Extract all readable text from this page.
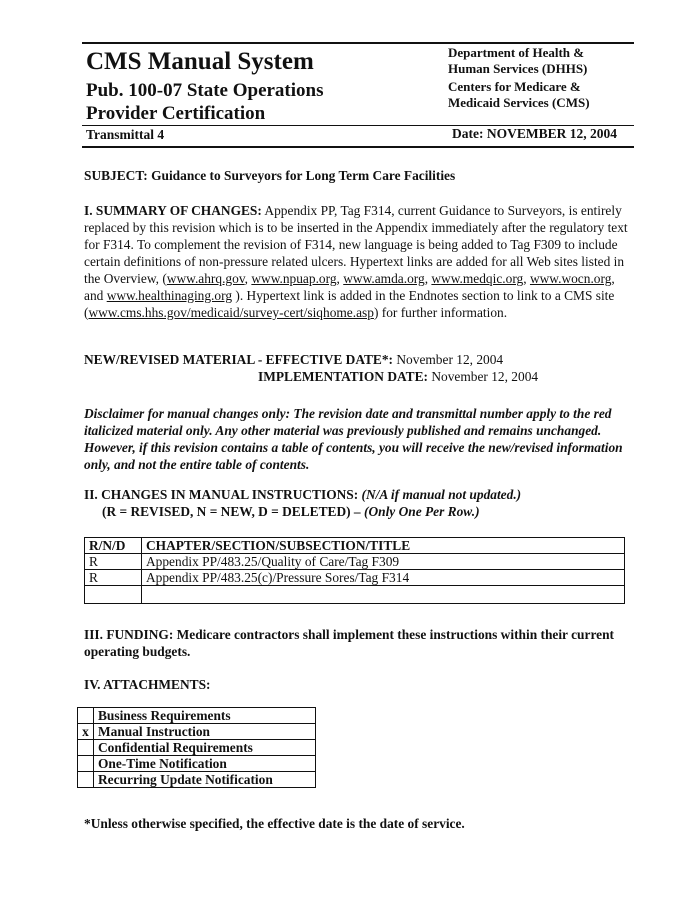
CMS Manual System
Pub. 100-07 State Operations
Provider Certification
Department of Health &
Human Services (DHHS)
Centers for Medicare &
Medicaid Services (CMS)
Transmittal 4	Date: NOVEMBER 12, 2004
SUBJECT: Guidance to Surveyors for Long Term Care Facilities
I. SUMMARY OF CHANGES: Appendix PP, Tag F314, current Guidance to Surveyors, is entirely replaced by this revision which is to be inserted in the Appendix immediately after the regulatory text for F314. To complement the revision of F314, new language is being added to Tag F309 to include certain definitions of non-pressure related ulcers. Hypertext links are added for all Web sites listed in the Overview, (www.ahrq.gov, www.npuap.org, www.amda.org, www.medqic.org, www.wocn.org, and www.healthinaging.org ). Hypertext link is added in the Endnotes section to link to a CMS site (www.cms.hhs.gov/medicaid/survey-cert/siqhome.asp) for further information.
NEW/REVISED MATERIAL - EFFECTIVE DATE*: November 12, 2004
IMPLEMENTATION DATE: November 12, 2004
Disclaimer for manual changes only: The revision date and transmittal number apply to the red italicized material only. Any other material was previously published and remains unchanged. However, if this revision contains a table of contents, you will receive the new/revised information only, and not the entire table of contents.
II. CHANGES IN MANUAL INSTRUCTIONS: (N/A if manual not updated.)
(R = REVISED, N = NEW, D = DELETED) – (Only One Per Row.)
R/N/D	CHAPTER/SECTION/SUBSECTION/TITLE
R	Appendix PP/483.25/Quality of Care/Tag F309
R	Appendix PP/483.25(c)/Pressure Sores/Tag F314

III. FUNDING: Medicare contractors shall implement these instructions within their current operating budgets.
IV. ATTACHMENTS:
	Business Requirements
x	Manual Instruction
	Confidential Requirements
	One-Time Notification
	Recurring Update Notification
*Unless otherwise specified, the effective date is the date of service.
